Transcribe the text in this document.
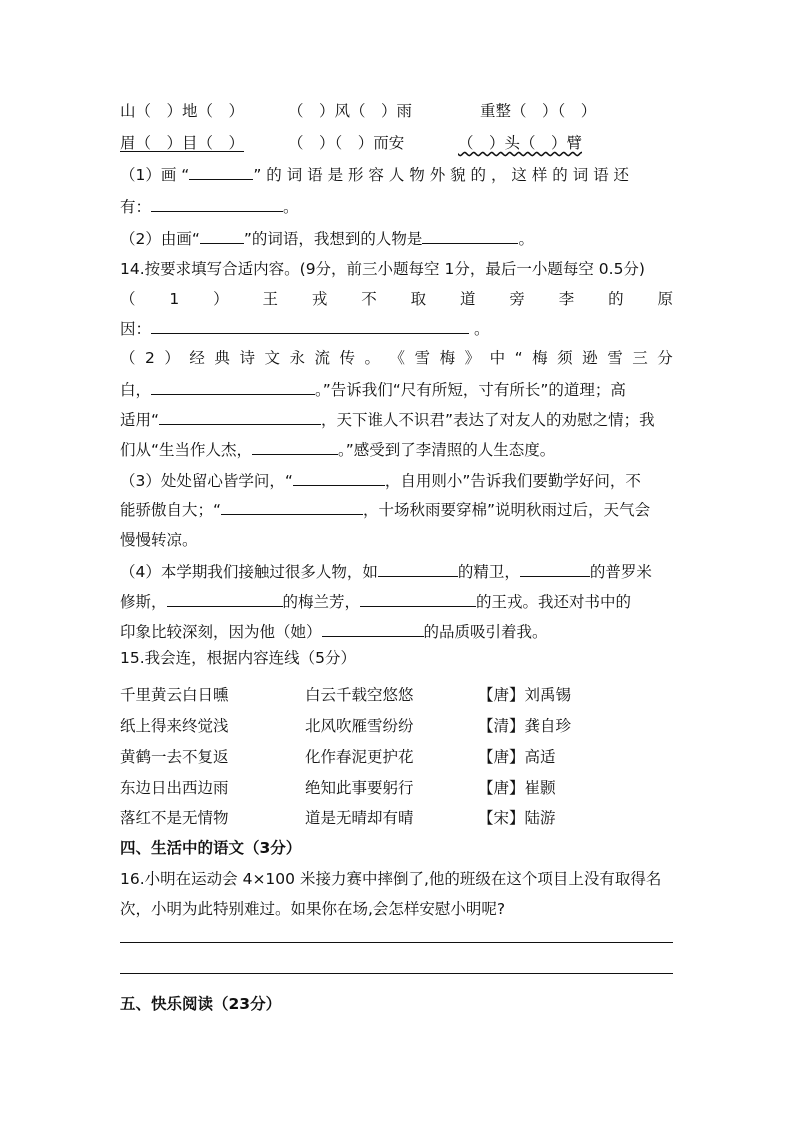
山（　）地（　）	（　）风（　）雨	重整（　）（　）
眉（　）目（　）	（　）（　）而安	（　）头（　）臂
（1）画 “	” 的 词 语 是 形 容 人 物 外 貌 的 ， 这 样 的 词 语 还
有：	。
（2）由画“	”的词语，我想到的人物是	。
14.按要求填写合适内容。(9分，前三小题每空 1分，最后一小题每空 0.5分)
（ 1 ） 王 戎 不 取 道 旁 李 的 原
因：	。
（ 2 ） 经 典 诗 文 永 流 传 。 《 雪 梅 》 中 “ 梅 须 逊 雪 三 分
白，	。”告诉我们“尺有所短，寸有所长”的道理；高
适用“	，天下谁人不识君”表达了对友人的劝慰之情；我
们从“生当作人杰，	。”感受到了李清照的人生态度。
（3）处处留心皆学问，“	，自用则小”告诉我们要勤学好问，不
能骄傲自大；“	，十场秋雨要穿棉”说明秋雨过后，天气会
慢慢转凉。
（4）本学期我们接触过很多人物，如	的精卫，	的普罗米
修斯，	的梅兰芳，	的王戎。我还对书中的
印象比较深刻，因为他（她）	的品质吸引着我。
15.我会连，根据内容连线（5分）
千里黄云白日曛	白云千载空悠悠	【唐】刘禹锡
纸上得来终觉浅	北风吹雁雪纷纷	【清】龚自珍
黄鹤一去不复返	化作春泥更护花	【唐】高适
东边日出西边雨	绝知此事要躬行	【唐】崔颢
落红不是无情物	道是无晴却有晴	【宋】陆游
四、生活中的语文（3分）
16.小明在运动会 4×100 米接力赛中摔倒了,他的班级在这个项目上没有取得名
次，小明为此特别难过。如果你在场,会怎样安慰小明呢?
五、快乐阅读（23分）
